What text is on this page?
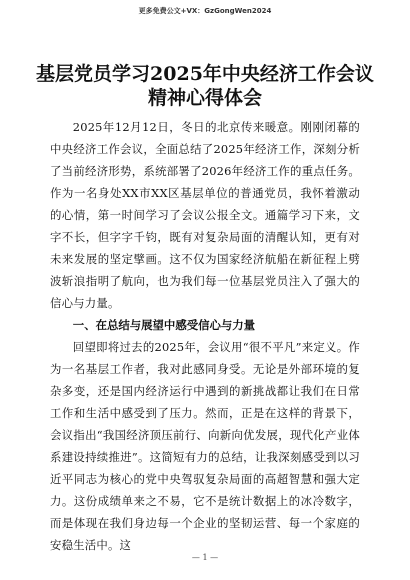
更多免费公文+VX：GzGongWen2024
基层党员学习2025年中央经济工作会议
精神心得体会

2025年12月12日，冬日的北京传来暖意。刚刚闭幕的中央经济工作会议，全面总结了2025年经济工作，深刻分析了当前经济形势，系统部署了2026年经济工作的重点任务。作为一名身处XX市XX区基层单位的普通党员，我怀着激动的心情，第一时间学习了会议公报全文。通篇学习下来，文字不长，但字字千钧，既有对复杂局面的清醒认知，更有对未来发展的坚定擘画。这不仅为国家经济航船在新征程上劈波斩浪指明了航向，也为我们每一位基层党员注入了强大的信心与力量。

一、在总结与展望中感受信心与力量

回望即将过去的2025年，会议用“很不平凡”来定义。作为一名基层工作者，我对此感同身受。无论是外部环境的复杂多变，还是国内经济运行中遇到的新挑战都让我们在日常工作和生活中感受到了压力。然而，正是在这样的背景下，会议指出“我国经济顶压前行、向新向优发展，现代化产业体系建设持续推进”。这简短有力的总结，让我深刻感受到以习近平同志为核心的党中央驾驭复杂局面的高超智慧和强大定力。这份成绩单来之不易，它不是统计数据上的冰冷数字，而是体现在我们身边每一个企业的坚韧运营、每一个家庭的安稳生活中。这

— 1 —
